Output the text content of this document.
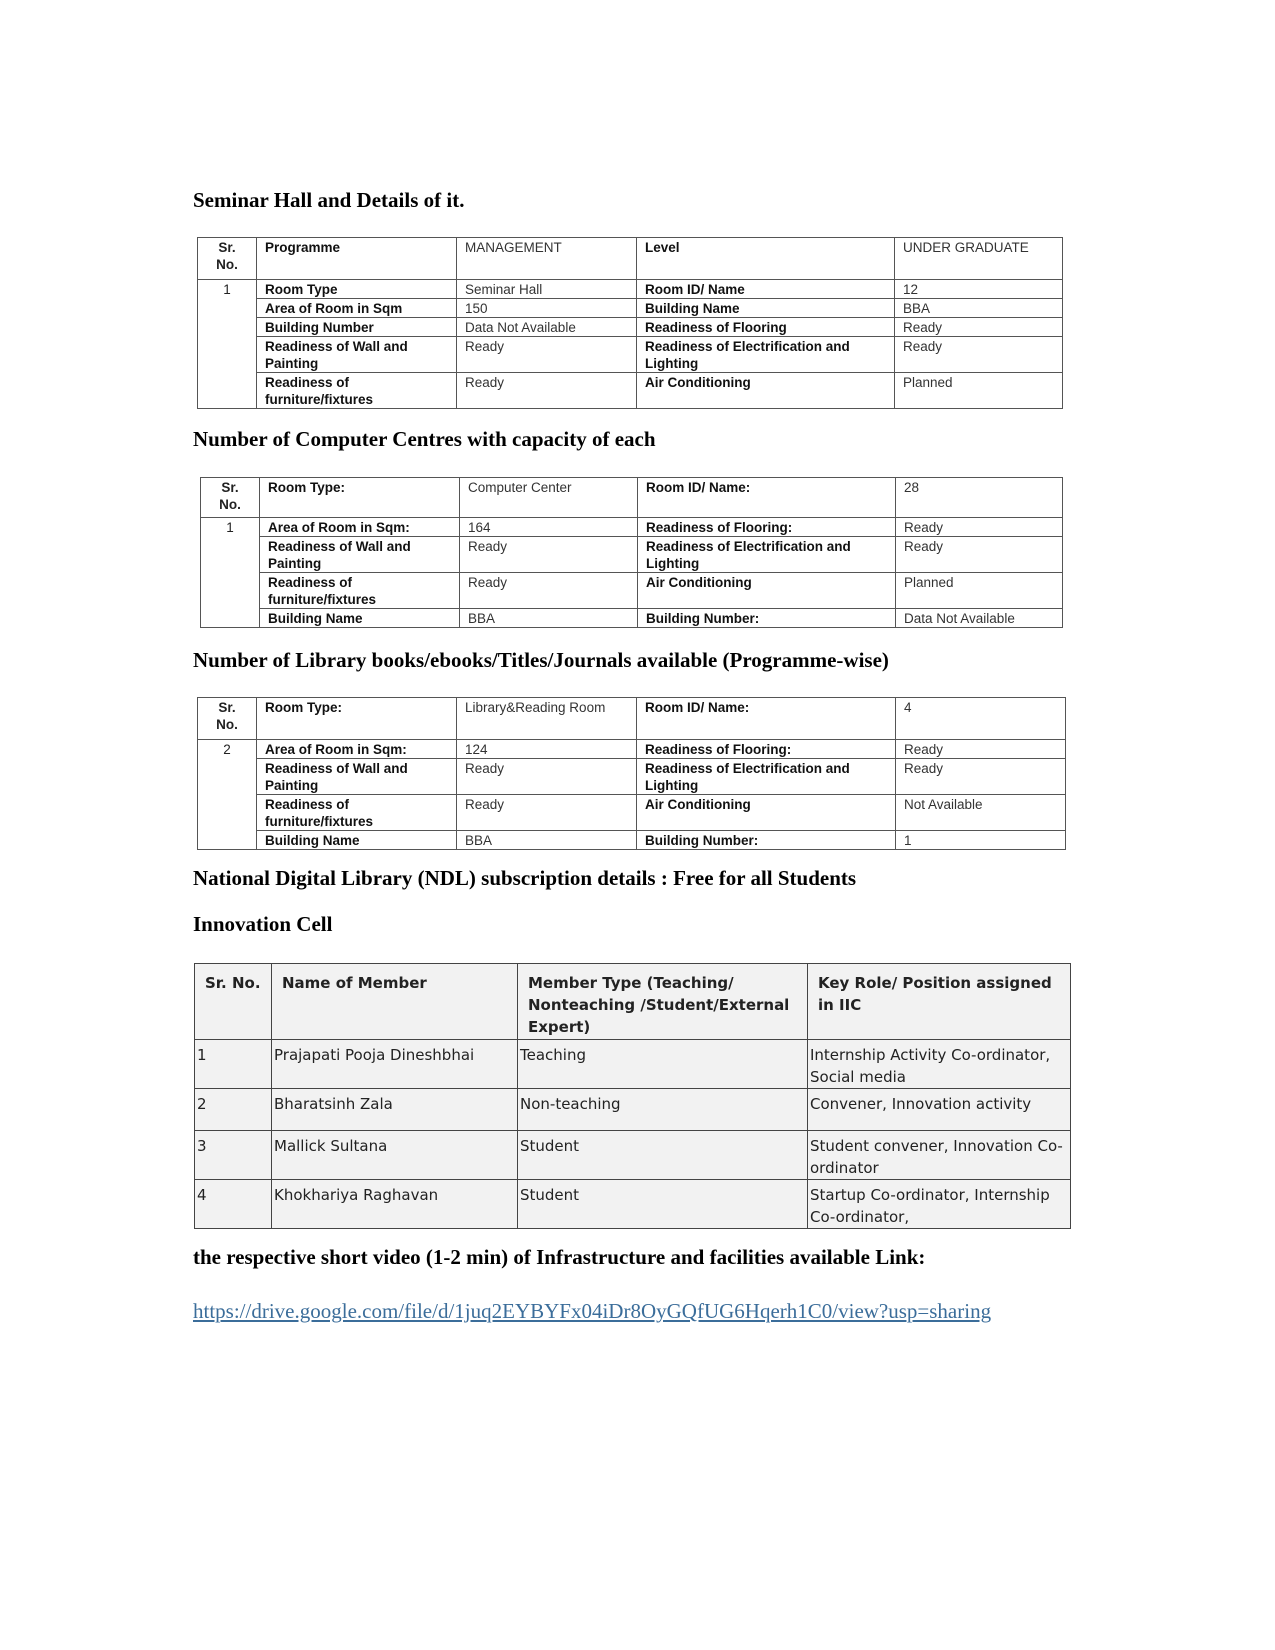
Seminar Hall and Details of it.
Number of Computer Centres with capacity of each
Number of Library books/ebooks/Titles/Journals available (Programme-wise)
National Digital Library (NDL) subscription details : Free for all Students
Innovation Cell
the respective short video (1-2 min) of Infrastructure and facilities available Link:
Sr. No.	Programme	MANAGEMENT	Level	UNDER GRADUATE
1	Room Type	Seminar Hall	Room ID/ Name	12
	Area of Room in Sqm	150	Building Name	BBA
	Building Number	Data Not Available	Readiness of Flooring	Ready
	Readiness of Wall and Painting	Ready	Readiness of Electrification and Lighting	Ready
	Readiness of furniture/fixtures	Ready	Air Conditioning	Planned
Sr. No.	Room Type:	Computer Center	Room ID/ Name:	28
1	Area of Room in Sqm:	164	Readiness of Flooring:	Ready
	Readiness of Wall and Painting	Ready	Readiness of Electrification and Lighting	Ready
	Readiness of furniture/fixtures	Ready	Air Conditioning	Planned
	Building Name	BBA	Building Number:	Data Not Available
Sr. No.	Room Type:	Library&Reading Room	Room ID/ Name:	4
2	Area of Room in Sqm:	124	Readiness of Flooring:	Ready
	Readiness of Wall and Painting	Ready	Readiness of Electrification and Lighting	Ready
	Readiness of furniture/fixtures	Ready	Air Conditioning	Not Available
	Building Name	BBA	Building Number:	1
Sr. No.	Name of Member	Member Type (Teaching/ Nonteaching /Student/External Expert)	Key Role/ Position assigned in IIC
1	Prajapati Pooja Dineshbhai	Teaching	Internship Activity Co-ordinator, Social media
2	Bharatsinh Zala	Non-teaching	Convener, Innovation activity
3	Mallick Sultana	Student	Student convener, Innovation Co-ordinator
4	Khokhariya Raghavan	Student	Startup Co-ordinator, Internship Co-ordinator,
https://drive.google.com/file/d/1juq2EYBYFx04iDr8OyGQfUG6Hqerh1C0/view?usp=sharing
